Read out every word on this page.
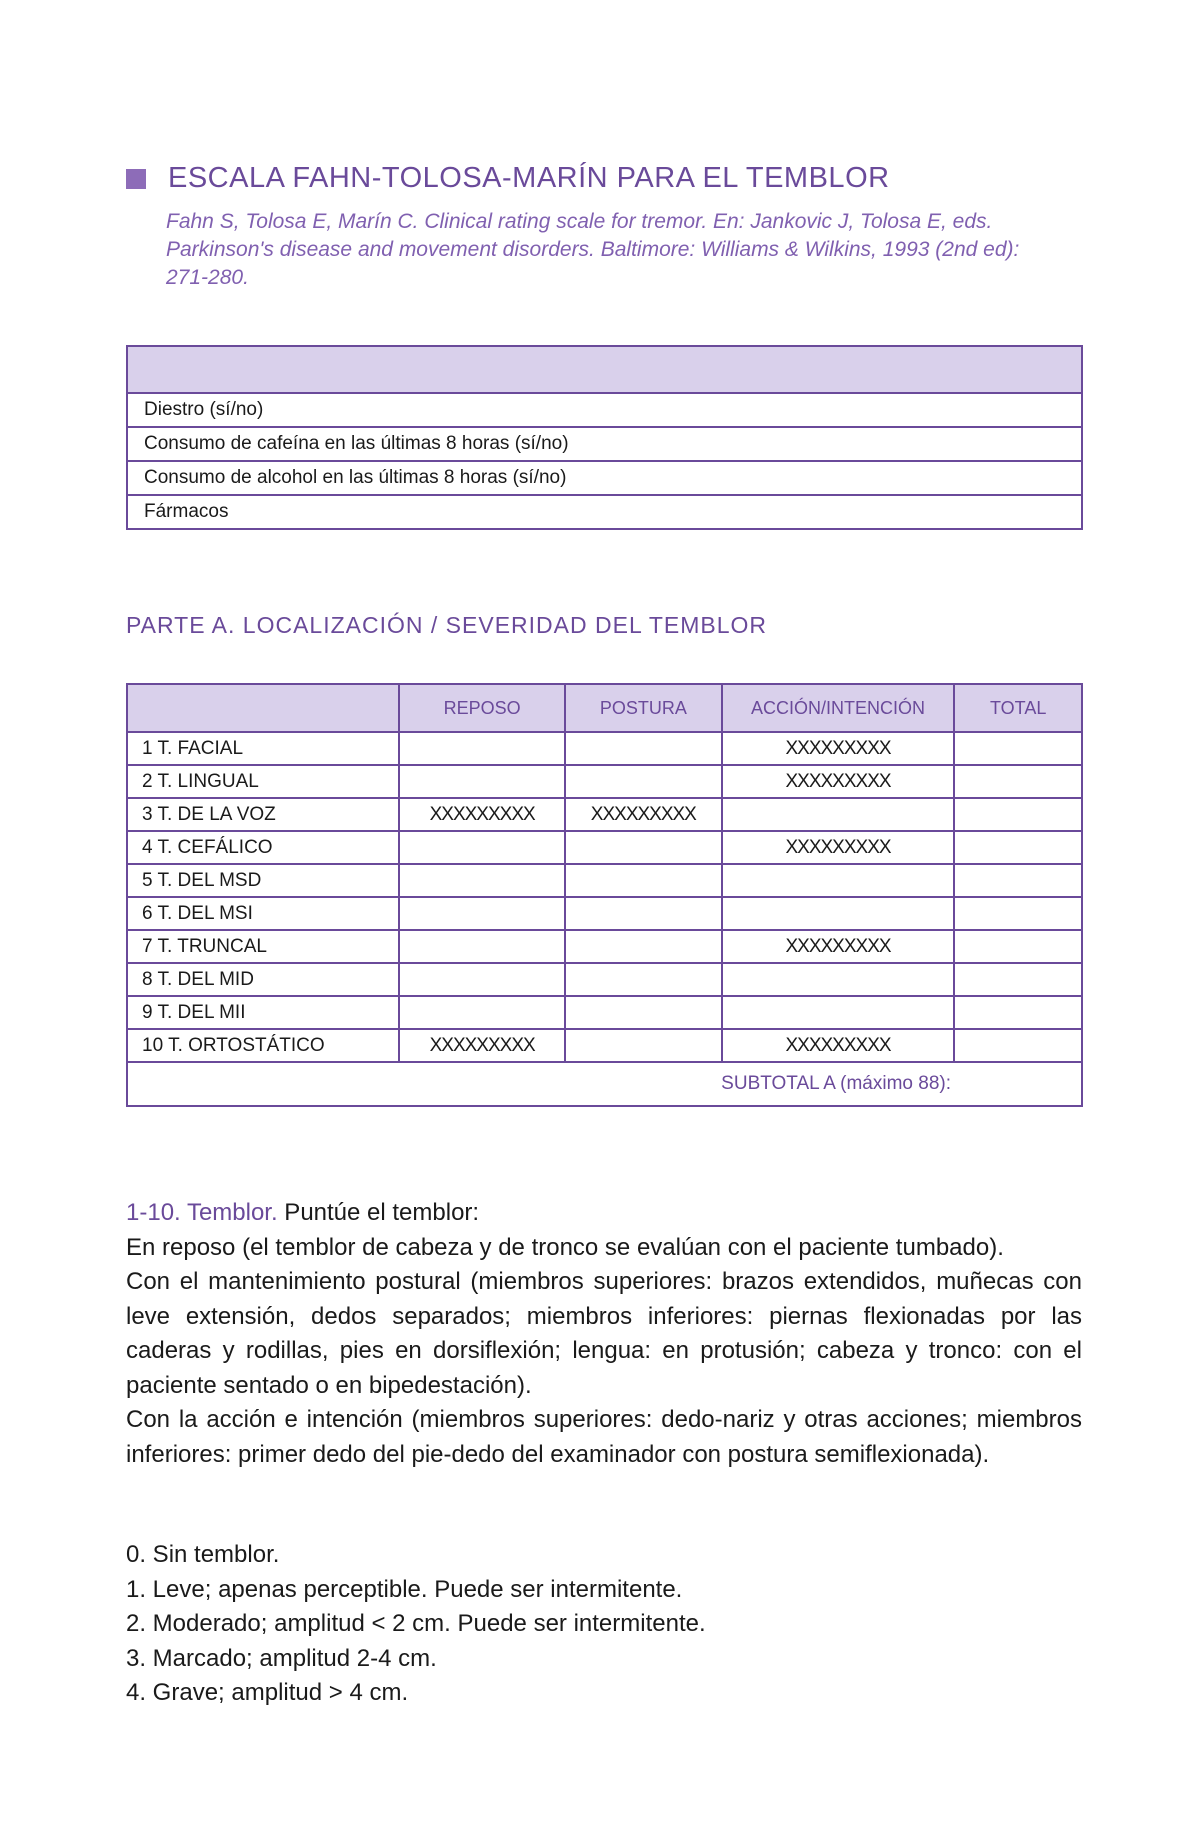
ESCALA FAHN-TOLOSA-MARÍN PARA EL TEMBLOR
Fahn S, Tolosa E, Marín C. Clinical rating scale for tremor. En: Jankovic J, Tolosa E, eds. Parkinson's disease and movement disorders. Baltimore: Williams & Wilkins, 1993 (2nd ed): 271-280.

Diestro (sí/no)
Consumo de cafeína en las últimas 8 horas (sí/no)
Consumo de alcohol en las últimas 8 horas (sí/no)
Fármacos
PARTE A. LOCALIZACIÓN / SEVERIDAD DEL TEMBLOR
	REPOSO	POSTURA	ACCIÓN/INTENCIÓN	TOTAL
1 T. FACIAL			XXXXXXXXX	
2 T. LINGUAL			XXXXXXXXX	
3 T. DE LA VOZ	XXXXXXXXX	XXXXXXXXX		
4 T. CEFÁLICO			XXXXXXXXX	
5 T. DEL MSD				
6 T. DEL MSI				
7 T. TRUNCAL			XXXXXXXXX	
8 T. DEL MID				
9 T. DEL MII				
10 T. ORTOSTÁTICO	XXXXXXXXX		XXXXXXXXX	
SUBTOTAL A (máximo 88):				

1-10. Temblor. Puntúe el temblor:

En reposo (el temblor de cabeza y de tronco se evalúan con el paciente tumbado).

Con el mantenimiento postural (miembros superiores: brazos extendidos, muñecas con leve extensión, dedos separados; miembros inferiores: piernas flexionadas por las caderas y rodillas, pies en dorsiflexión; lengua: en protusión; cabeza y tronco: con el paciente sentado o en bipedestación).

Con la acción e intención (miembros superiores: dedo-nariz y otras acciones; miembros inferiores: primer dedo del pie-dedo del examinador con postura semiflexionada).

0. Sin temblor.
1. Leve; apenas perceptible. Puede ser intermitente.
2. Moderado; amplitud < 2 cm. Puede ser intermitente.
3. Marcado; amplitud 2-4 cm.
4. Grave; amplitud > 4 cm.
